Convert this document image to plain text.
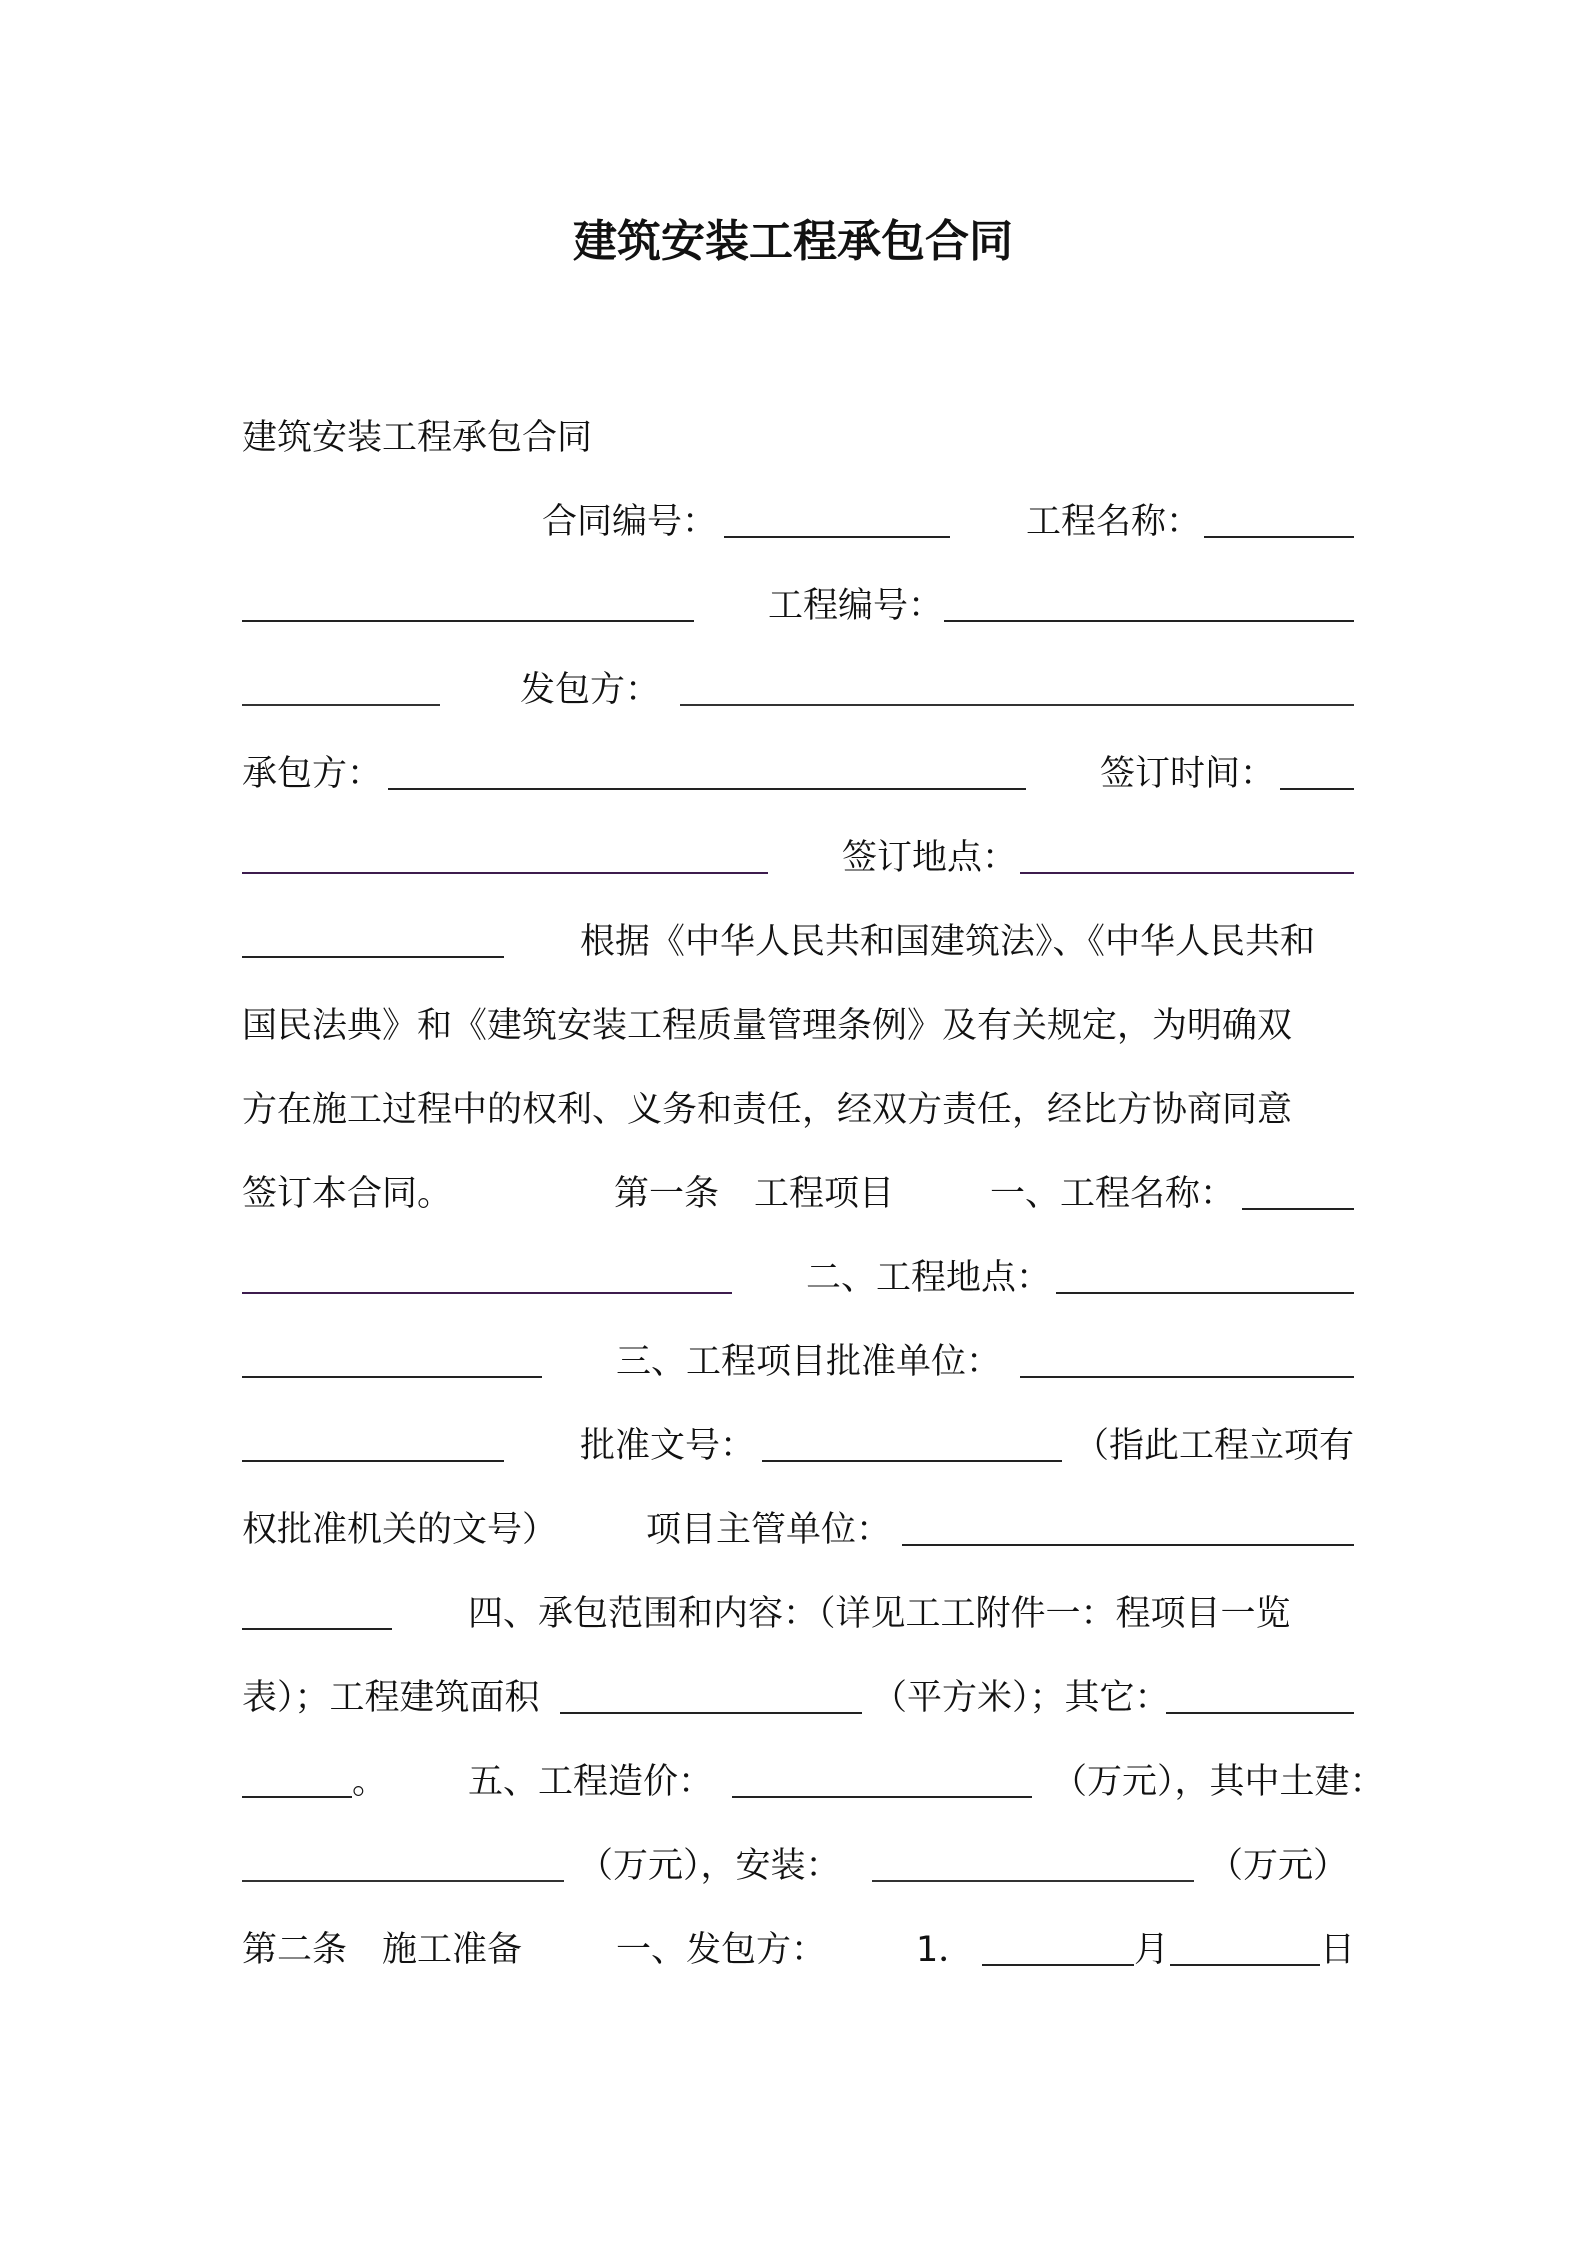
建筑安装工程承包合同
建筑安装工程承包合同
合同编号：	工程名称：
工程编号：
发包方：
承包方：	签订时间：
签订地点：
根据《中华人民共和国建筑法》、《中华人民共和
国民法典》和《建筑安装工程质量管理条例》及有关规定，为明确双
方在施工过程中的权利、义务和责任，经双方责任，经比方协商同意
签订本合同。	第一条　工程项目	一、工程名称：
二、工程地点：
三、工程项目批准单位：
批准文号：	（指此工程立项有
权批准机关的文号）	项目主管单位：
四、承包范围和内容：（详见工工附件一：程项目一览
表）；工程建筑面积	（平方米）；其它：
。 五、工程造价：	（万元），其中土建：
（万元），安装：	（万元）
第二条　施工准备	一、发包方：	1．	月	日
